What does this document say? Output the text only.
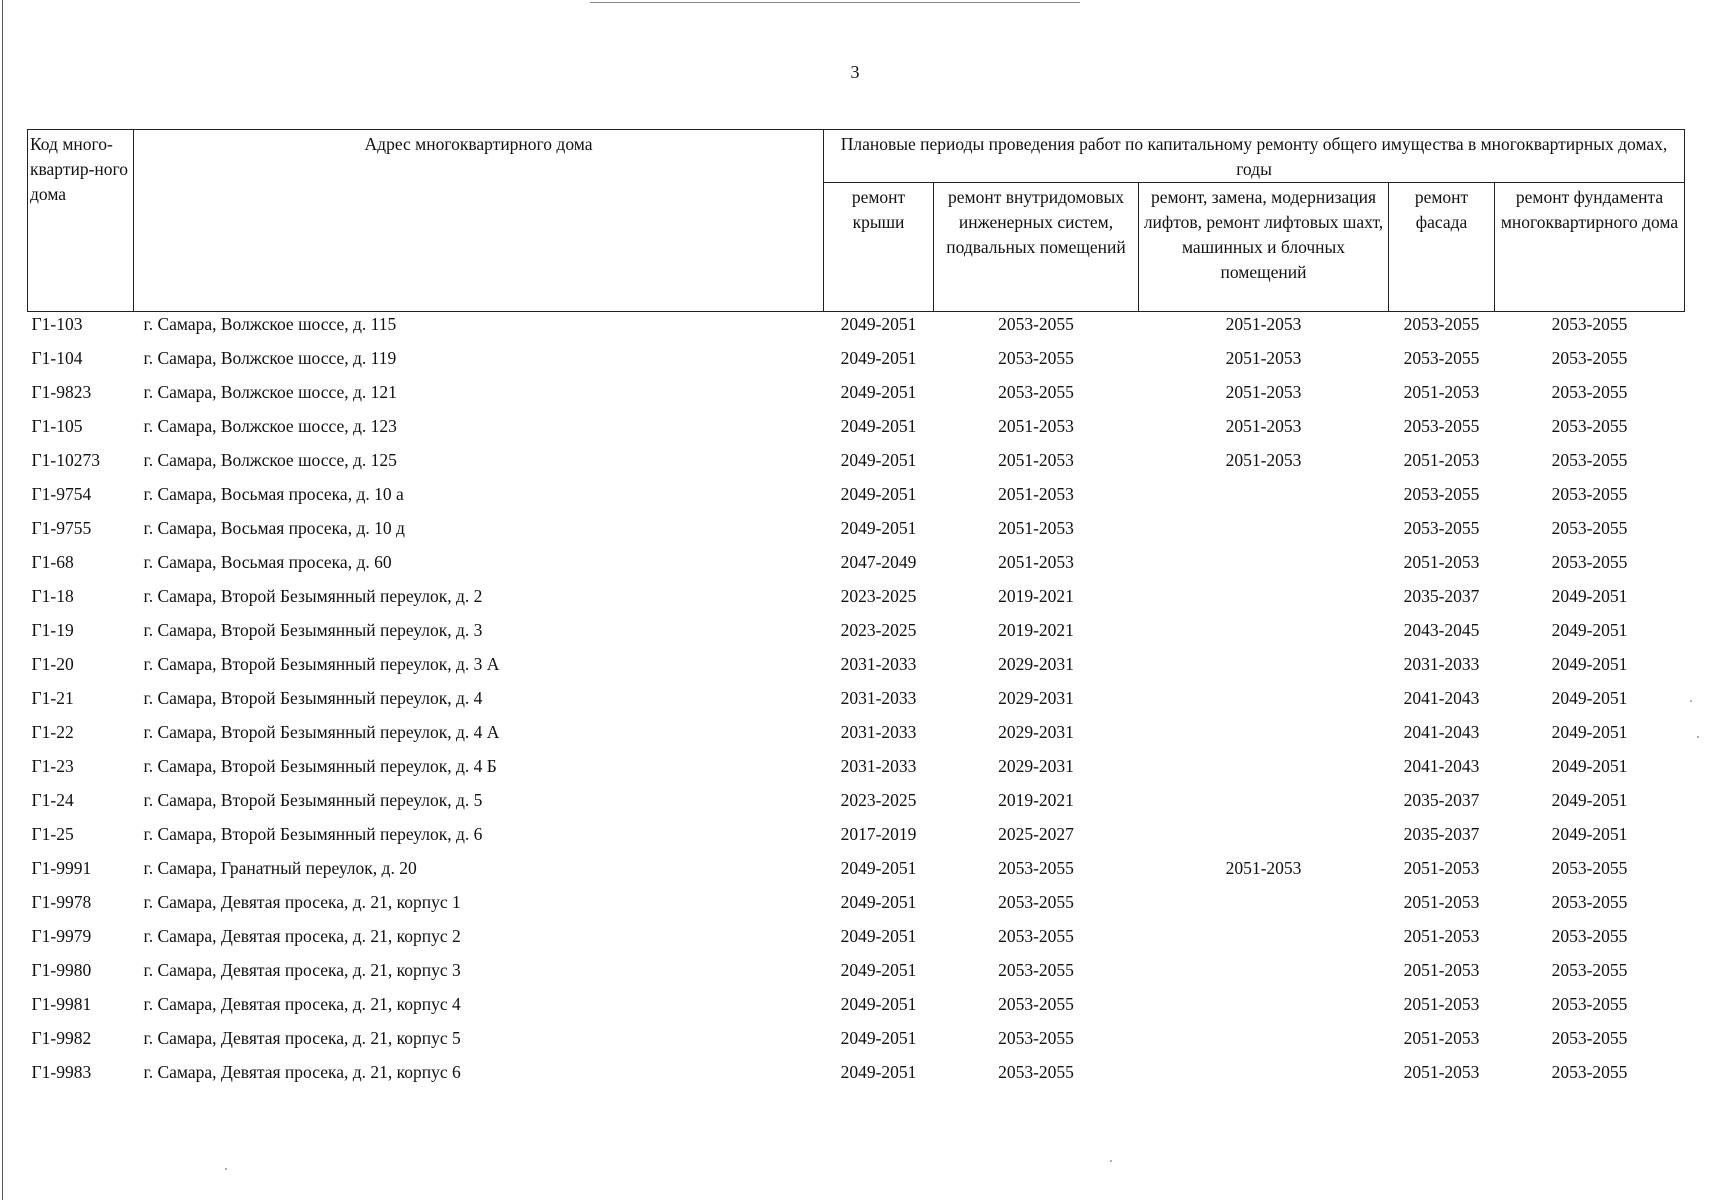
3
Код много-квартир-ного дома	Адрес многоквартирного дома	Плановые периоды проведения работ по капитальному ремонту общего имущества в многоквартирных домах, годы				
		ремонт крыши	ремонт внутридомовых инженерных систем, подвальных помещений	ремонт, замена, модернизация лифтов, ремонт лифтовых шахт, машинных и блочных помещений	ремонт фасада	ремонт фундамента многоквартирного дома
Г1-103	г. Самара, Волжское шоссе, д. 115	2049-2051	2053-2055	2051-2053	2053-2055	2053-2055
Г1-104	г. Самара, Волжское шоссе, д. 119	2049-2051	2053-2055	2051-2053	2053-2055	2053-2055
Г1-9823	г. Самара, Волжское шоссе, д. 121	2049-2051	2053-2055	2051-2053	2051-2053	2053-2055
Г1-105	г. Самара, Волжское шоссе, д. 123	2049-2051	2051-2053	2051-2053	2053-2055	2053-2055
Г1-10273	г. Самара, Волжское шоссе, д. 125	2049-2051	2051-2053	2051-2053	2051-2053	2053-2055
Г1-9754	г. Самара, Восьмая просека, д. 10 а	2049-2051	2051-2053		2053-2055	2053-2055
Г1-9755	г. Самара, Восьмая просека, д. 10 д	2049-2051	2051-2053		2053-2055	2053-2055
Г1-68	г. Самара, Восьмая просека, д. 60	2047-2049	2051-2053		2051-2053	2053-2055
Г1-18	г. Самара, Второй Безымянный переулок, д. 2	2023-2025	2019-2021		2035-2037	2049-2051
Г1-19	г. Самара, Второй Безымянный переулок, д. 3	2023-2025	2019-2021		2043-2045	2049-2051
Г1-20	г. Самара, Второй Безымянный переулок, д. 3 А	2031-2033	2029-2031		2031-2033	2049-2051
Г1-21	г. Самара, Второй Безымянный переулок, д. 4	2031-2033	2029-2031		2041-2043	2049-2051
Г1-22	г. Самара, Второй Безымянный переулок, д. 4 А	2031-2033	2029-2031		2041-2043	2049-2051
Г1-23	г. Самара, Второй Безымянный переулок, д. 4 Б	2031-2033	2029-2031		2041-2043	2049-2051
Г1-24	г. Самара, Второй Безымянный переулок, д. 5	2023-2025	2019-2021		2035-2037	2049-2051
Г1-25	г. Самара, Второй Безымянный переулок, д. 6	2017-2019	2025-2027		2035-2037	2049-2051
Г1-9991	г. Самара, Гранатный переулок, д. 20	2049-2051	2053-2055	2051-2053	2051-2053	2053-2055
Г1-9978	г. Самара, Девятая просека, д. 21, корпус 1	2049-2051	2053-2055		2051-2053	2053-2055
Г1-9979	г. Самара, Девятая просека, д. 21, корпус 2	2049-2051	2053-2055		2051-2053	2053-2055
Г1-9980	г. Самара, Девятая просека, д. 21, корпус 3	2049-2051	2053-2055		2051-2053	2053-2055
Г1-9981	г. Самара, Девятая просека, д. 21, корпус 4	2049-2051	2053-2055		2051-2053	2053-2055
Г1-9982	г. Самара, Девятая просека, д. 21, корпус 5	2049-2051	2053-2055		2051-2053	2053-2055
Г1-9983	г. Самара, Девятая просека, д. 21, корпус 6	2049-2051	2053-2055		2051-2053	2053-2055
